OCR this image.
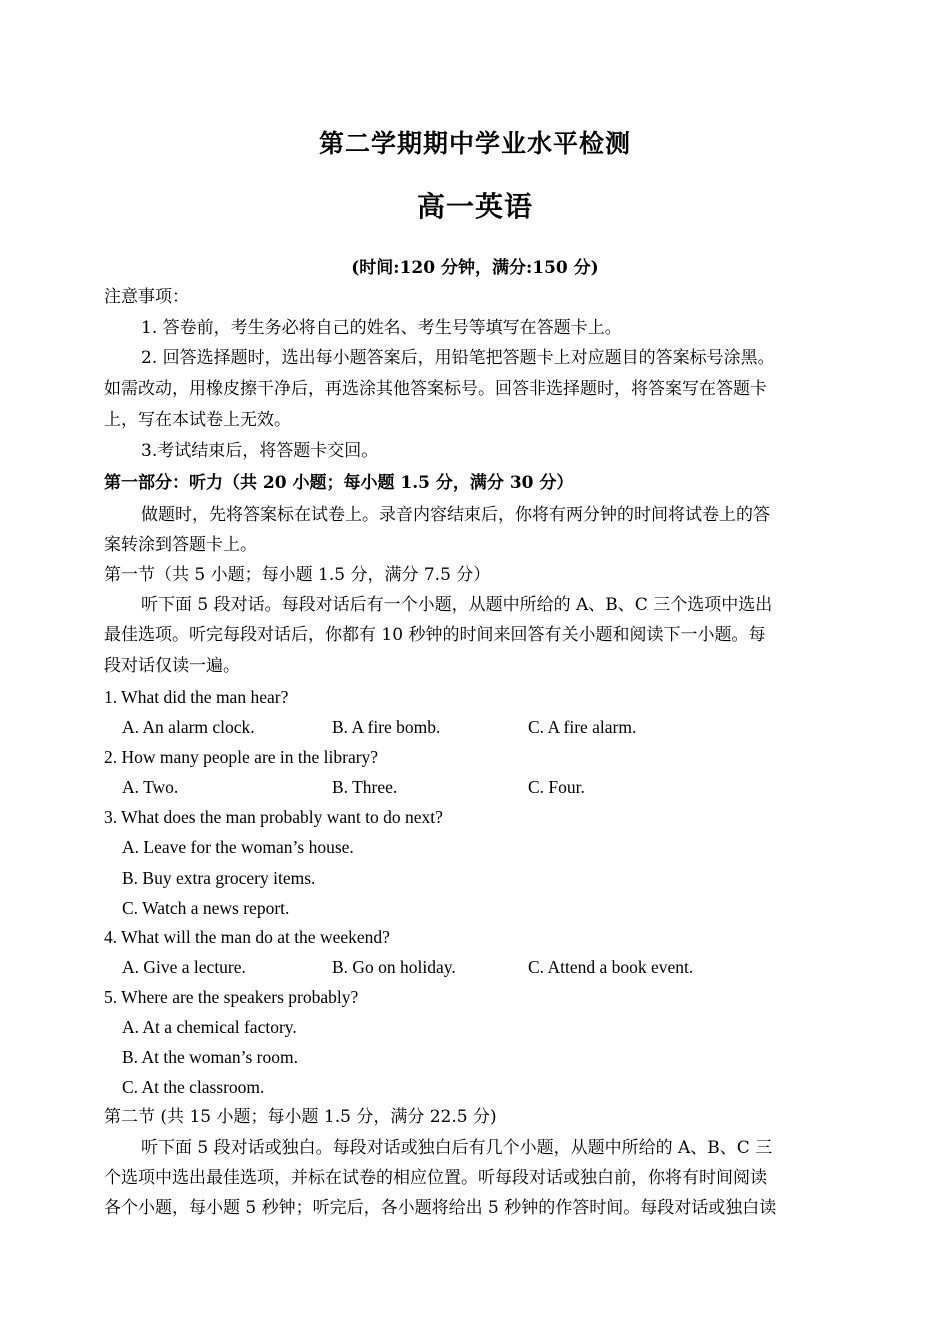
第二学期期中学业水平检测
高一英语
(时间:120 分钟，满分:150 分)
注意事项：
1. 答卷前，考生务必将自己的姓名、考生号等填写在答题卡上。
2. 回答选择题时，选出每小题答案后，用铅笔把答题卡上对应题目的答案标号涂黑。
如需改动，用橡皮擦干净后，再选涂其他答案标号。回答非选择题时，将答案写在答题卡
上，写在本试卷上无效。
3.考试结束后，将答题卡交回。
第一部分：听力（共 20 小题；每小题 1.5 分，满分 30 分）
做题时，先将答案标在试卷上。录音内容结束后，你将有两分钟的时间将试卷上的答
案转涂到答题卡上。
第一节（共 5 小题；每小题 1.5 分，满分 7.5 分）
听下面 5 段对话。每段对话后有一个小题，从题中所给的 A、B、C 三个选项中选出
最佳选项。听完每段对话后，你都有 10 秒钟的时间来回答有关小题和阅读下一小题。每
段对话仅读一遍。
1. What did the man hear?
A. An alarm clock.	B. A fire bomb.	C. A fire alarm.
2. How many people are in the library?
A. Two.	B. Three.	C. Four.
3. What does the man probably want to do next?
A. Leave for the woman’s house.
B. Buy extra grocery items.
C. Watch a news report.
4. What will the man do at the weekend?
A. Give a lecture.	B. Go on holiday.	C. Attend a book event.
5. Where are the speakers probably?
A. At a chemical factory.
B. At the woman’s room.
C. At the classroom.
第二节 (共 15 小题；每小题 1.5 分，满分 22.5 分)
听下面 5 段对话或独白。每段对话或独白后有几个小题，从题中所给的 A、B、C 三
个选项中选出最佳选项，并标在试卷的相应位置。听每段对话或独白前，你将有时间阅读
各个小题，每小题 5 秒钟；听完后，各小题将给出 5 秒钟的作答时间。每段对话或独白读
